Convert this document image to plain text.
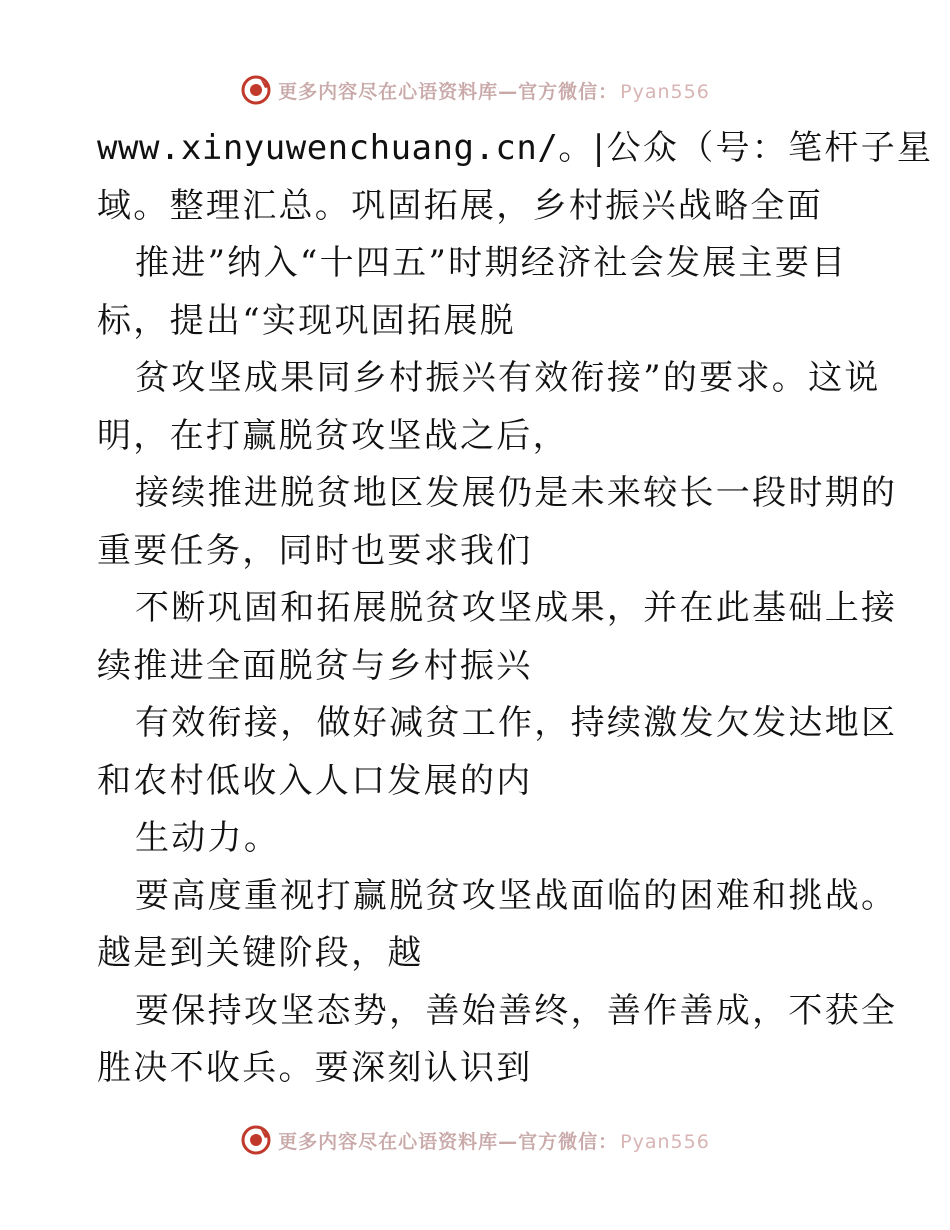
更多内容尽在心语资料库—官方微信： Pyan556
www.xinyuwenchuang.cn/。|公众（号：笔杆子星
域。整理汇总。巩固拓展，乡村振兴战略全面
推进”纳入“十四五”时期经济社会发展主要目
标，提出“实现巩固拓展脱
贫攻坚成果同乡村振兴有效衔接”的要求。这说
明，在打赢脱贫攻坚战之后，
接续推进脱贫地区发展仍是未来较长一段时期的
重要任务，同时也要求我们
不断巩固和拓展脱贫攻坚成果，并在此基础上接
续推进全面脱贫与乡村振兴
有效衔接，做好减贫工作，持续激发欠发达地区
和农村低收入人口发展的内
生动力。
要高度重视打赢脱贫攻坚战面临的困难和挑战。
越是到关键阶段，越
要保持攻坚态势，善始善终，善作善成，不获全
胜决不收兵。要深刻认识到
更多内容尽在心语资料库—官方微信： Pyan556
